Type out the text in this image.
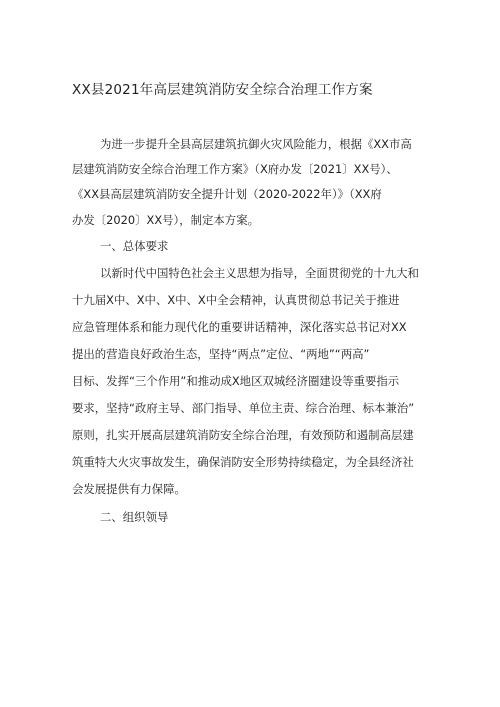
XX县2021年高层建筑消防安全综合治理工作方案

为进一步提升全县高层建筑抗御火灾风险能力，根据《XX市高

层建筑消防安全综合治理工作方案》（X府办发〔2021〕XX号）、

《XX县高层建筑消防安全提升计划（2020-2022年）》（XX府

办发〔2020〕XX号），制定本方案。

一、总体要求

以新时代中国特色社会主义思想为指导，全面贯彻党的十九大和

十九届X中、X中、X中、X中全会精神，认真贯彻总书记关于推进

应急管理体系和能力现代化的重要讲话精神，深化落实总书记对XX

提出的营造良好政治生态，坚持“两点”定位、“两地”“两高”

目标、发挥“三个作用”和推动成X地区双城经济圈建设等重要指示

要求，坚持“政府主导、部门指导、单位主责、综合治理、标本兼治”

原则，扎实开展高层建筑消防安全综合治理，有效预防和遏制高层建

筑重特大火灾事故发生，确保消防安全形势持续稳定，为全县经济社

会发展提供有力保障。

二、组织领导
